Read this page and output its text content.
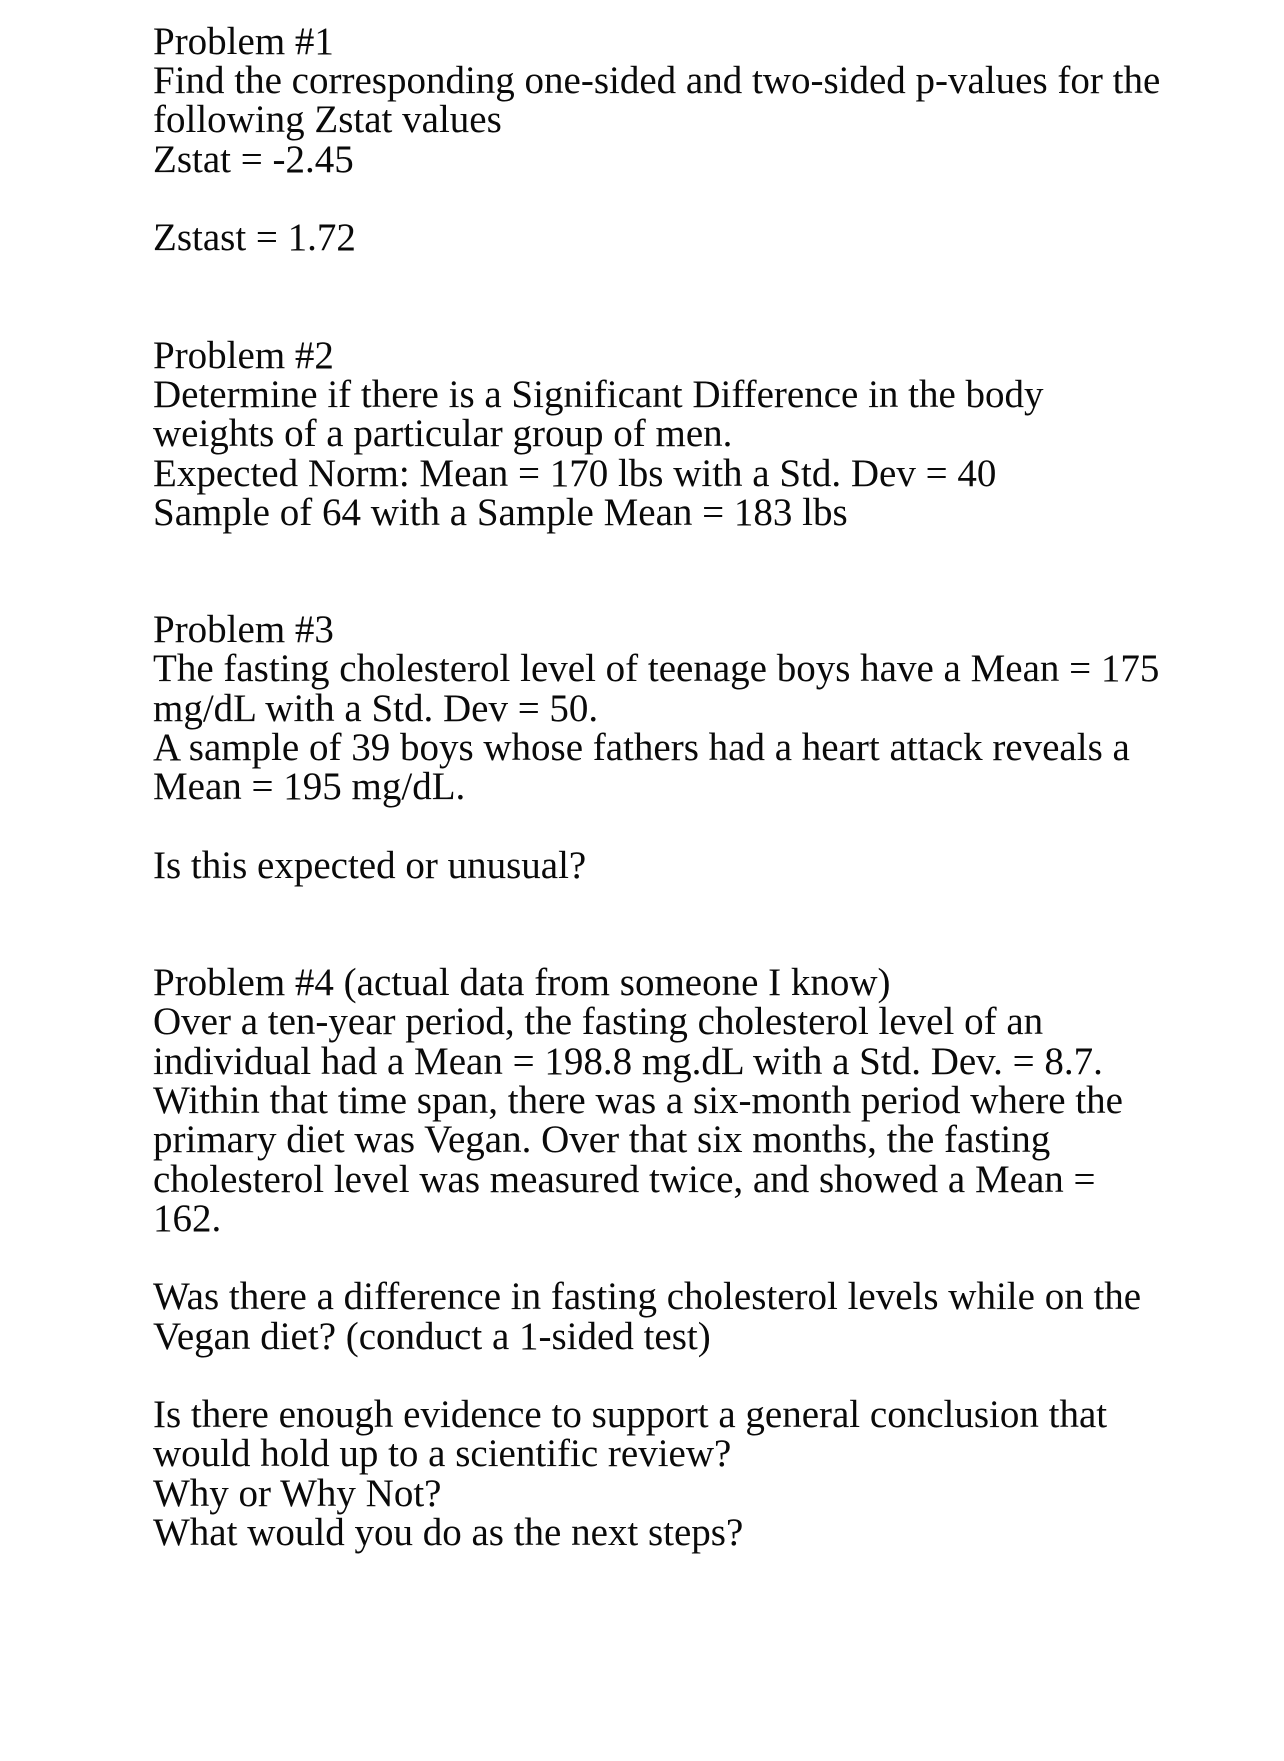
Problem #1

Find the corresponding one-sided and two-sided p-values for the

following Zstat values

Zstat = -2.45

Zstast = 1.72

Problem #2

Determine if there is a Significant Difference in the body

weights of a particular group of men.

Expected Norm: Mean = 170 lbs with a Std. Dev = 40

Sample of 64 with a Sample Mean = 183 lbs

Problem #3

The fasting cholesterol level of teenage boys have a Mean = 175

mg/dL with a Std. Dev = 50.

A sample of 39 boys whose fathers had a heart attack reveals a

Mean = 195 mg/dL.

Is this expected or unusual?

Problem #4 (actual data from someone I know)

Over a ten-year period, the fasting cholesterol level of an

individual had a Mean = 198.8 mg.dL with a Std. Dev. = 8.7.

Within that time span, there was a six-month period where the

primary diet was Vegan. Over that six months, the fasting

cholesterol level was measured twice, and showed a Mean =

162.

Was there a difference in fasting cholesterol levels while on the

Vegan diet? (conduct a 1-sided test)

Is there enough evidence to support a general conclusion that

would hold up to a scientific review?

Why or Why Not?

What would you do as the next steps?
